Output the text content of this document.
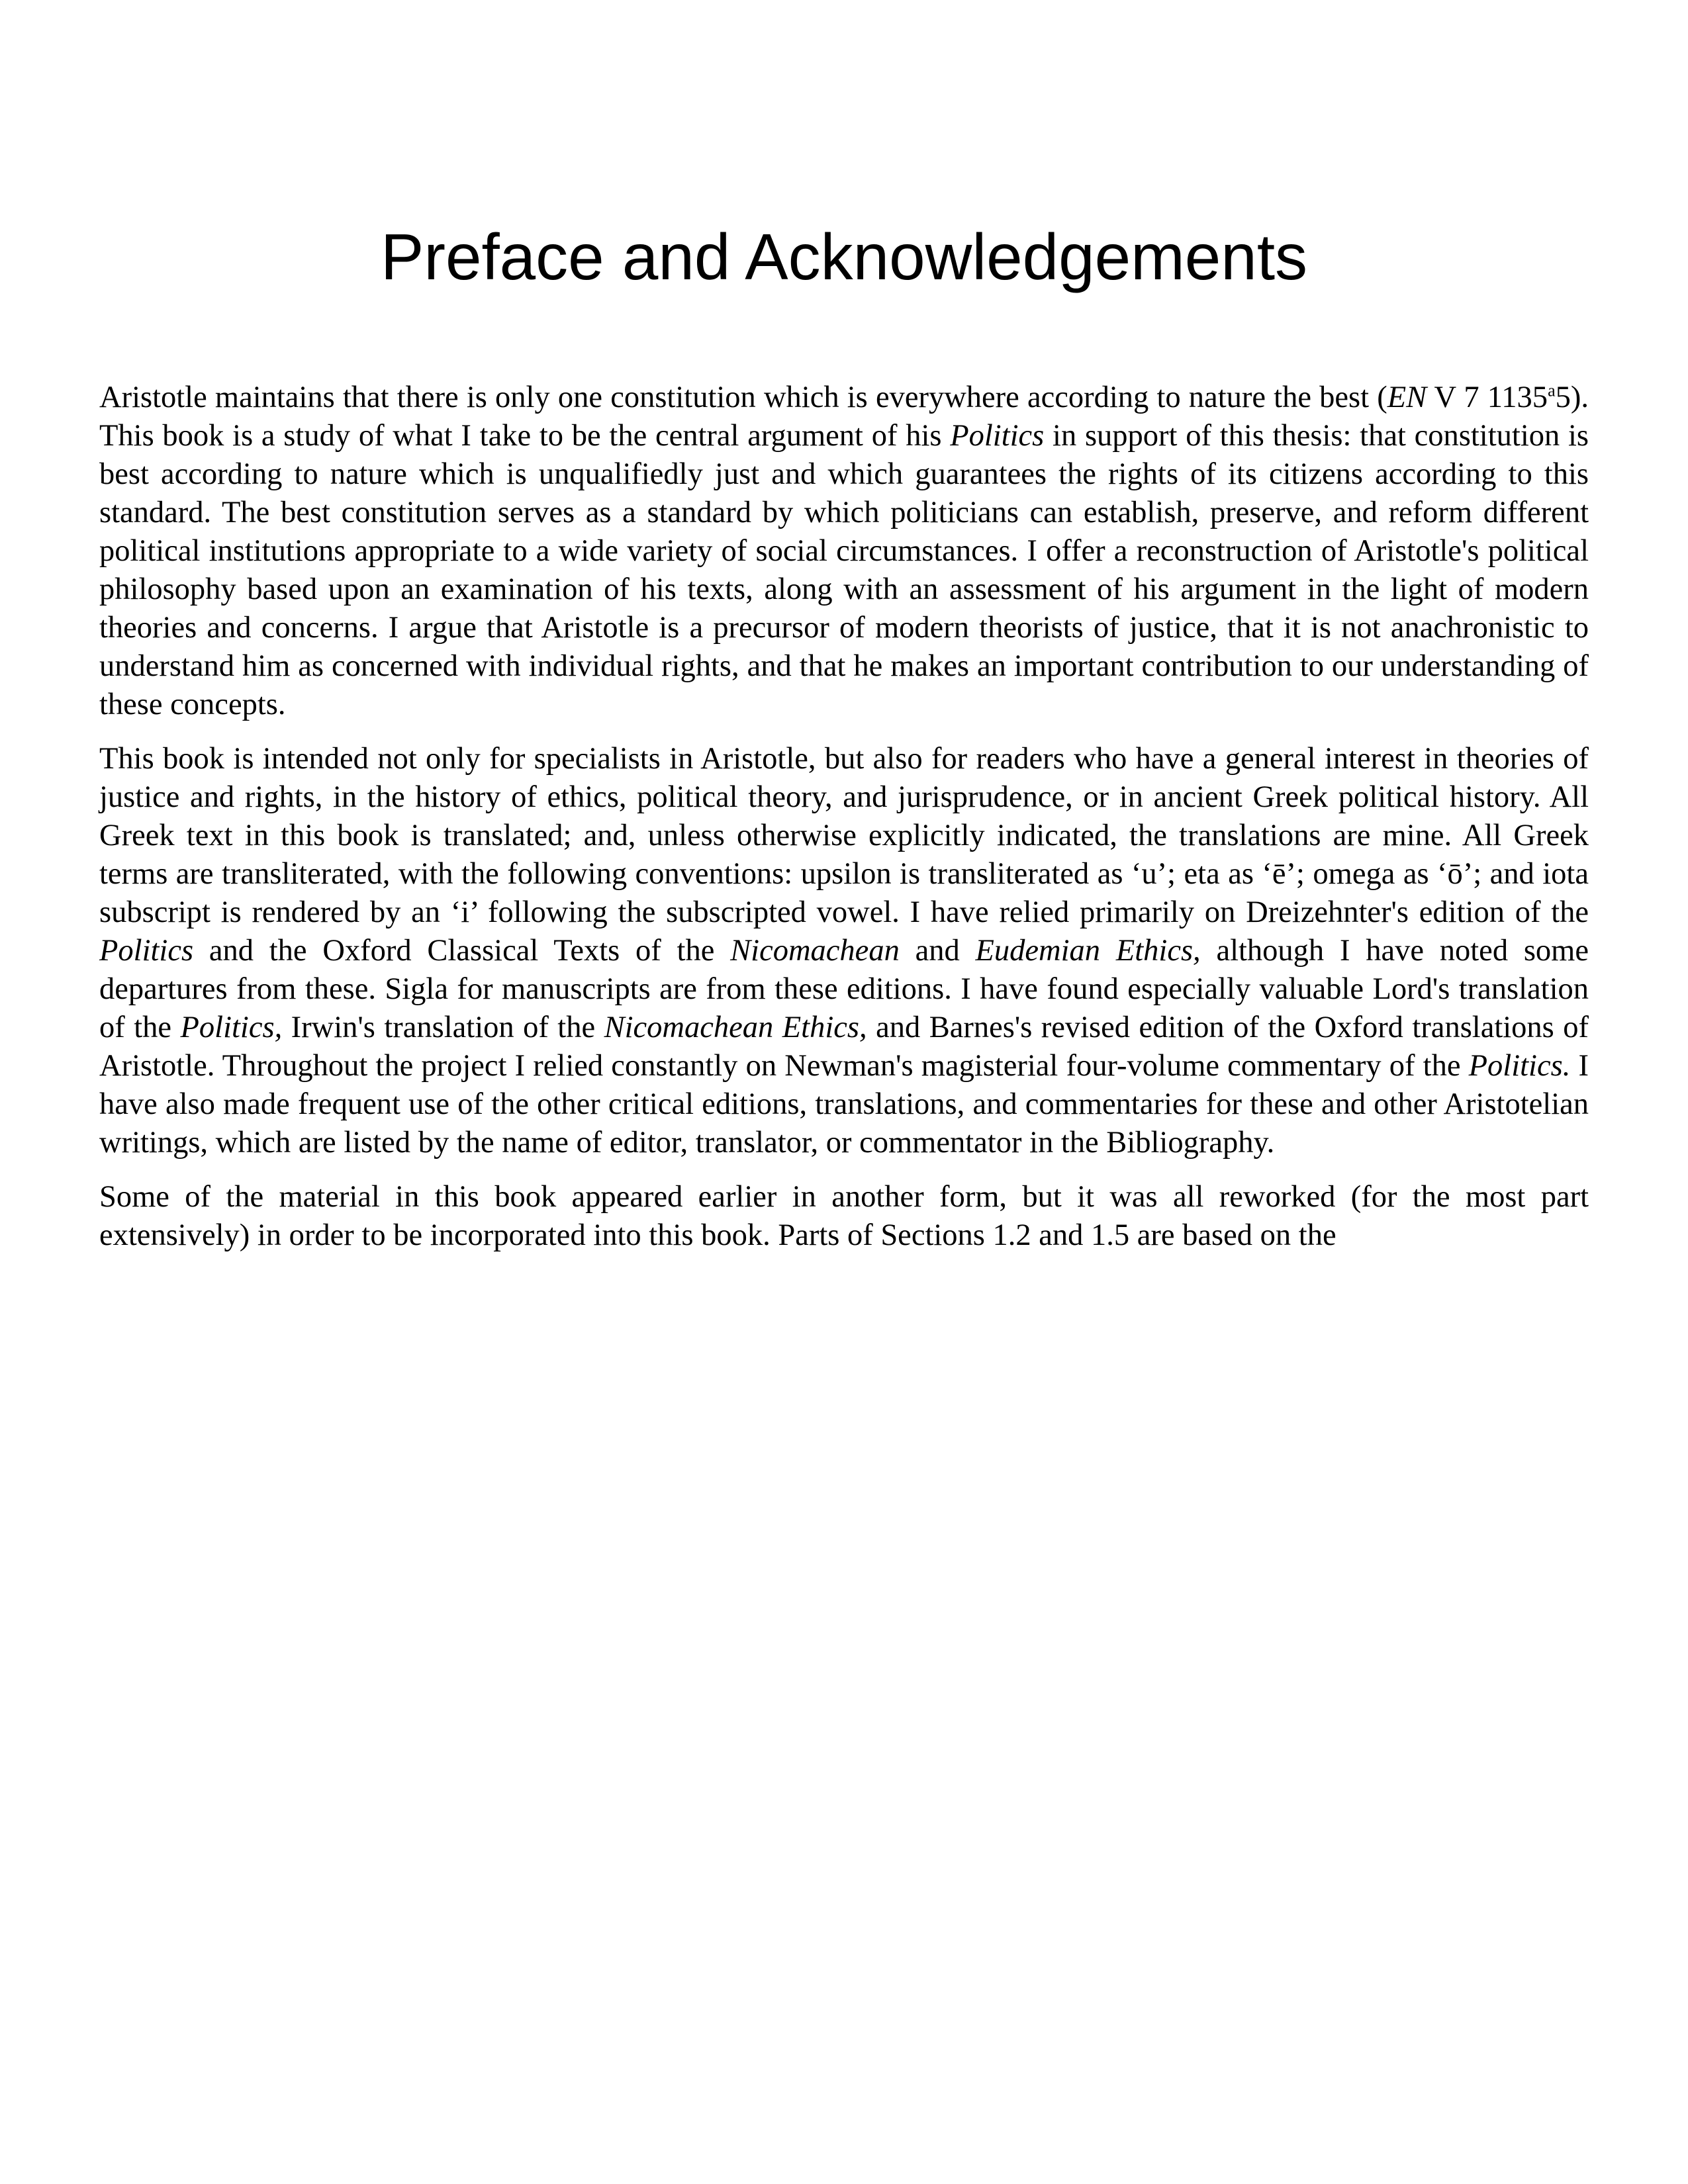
Preface and Acknowledgements

Aristotle maintains that there is only one constitution which is everywhere according to nature the best (EN V 7 1135$^a$5). This book is a study of what I take to be the central argument of his Politics in support of this thesis: that constitution is best according to nature which is unqualifiedly just and which guarantees the rights of its citizens according to this standard. The best constitution serves as a standard by which politicians can establish, preserve, and reform different political institutions appropriate to a wide variety of social circumstances. I offer a reconstruction of Aristotle's political philosophy based upon an examination of his texts, along with an assessment of his argument in the light of modern theories and concerns. I argue that Aristotle is a precursor of modern theorists of justice, that it is not anachronistic to understand him as concerned with individual rights, and that he makes an important contribution to our understanding of these concepts.

This book is intended not only for specialists in Aristotle, but also for readers who have a general interest in theories of justice and rights, in the history of ethics, political theory, and jurisprudence, or in ancient Greek political history. All Greek text in this book is translated; and, unless otherwise explicitly indicated, the translations are mine. All Greek terms are transliterated, with the following conventions: upsilon is transliterated as ‘u’; eta as ‘ē’; omega as ‘ō’; and iota subscript is rendered by an ‘i’ following the subscripted vowel. I have relied primarily on Dreizehnter's edition of the Politics and the Oxford Classical Texts of the Nicomachean and Eudemian Ethics, although I have noted some departures from these. Sigla for manuscripts are from these editions. I have found especially valuable Lord's translation of the Politics, Irwin's translation of the Nicomachean Ethics, and Barnes's revised edition of the Oxford translations of Aristotle. Throughout the project I relied constantly on Newman's magisterial four-volume commentary of the Politics. I have also made frequent use of the other critical editions, translations, and commentaries for these and other Aristotelian writings, which are listed by the name of editor, translator, or commentator in the Bibliography.

Some of the material in this book appeared earlier in another form, but it was all reworked (for the most part extensively) in order to be incorporated into this book. Parts of Sections 1.2 and 1.5 are based on the
